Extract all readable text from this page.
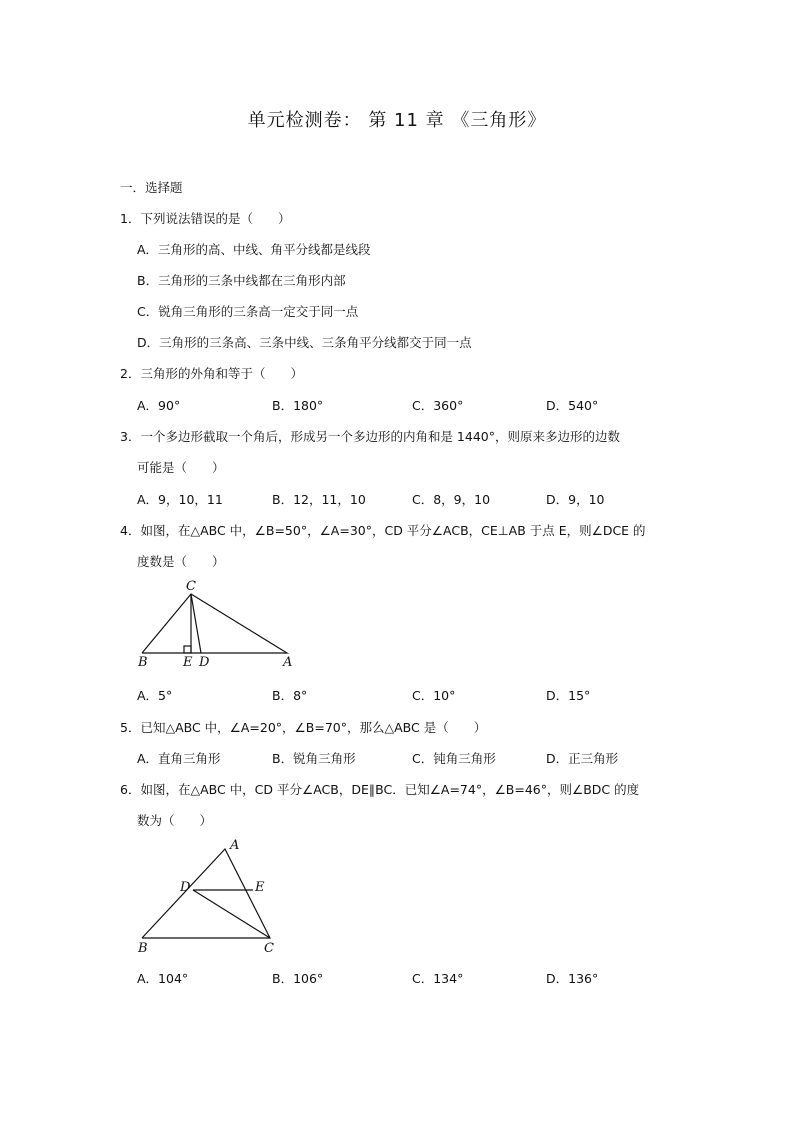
单元检测卷： 第 11 章 《三角形》
一．选择题
1．下列说法错误的是（　　）
A．三角形的高、中线、角平分线都是线段
B．三角形的三条中线都在三角形内部
C．锐角三角形的三条高一定交于同一点
D．三角形的三条高、三条中线、三条角平分线都交于同一点
2．三角形的外角和等于（　　）
A．90°	B．180°	C．360°	D．540°
3．一个多边形截取一个角后，形成另一个多边形的内角和是 1440°，则原来多边形的边数
可能是（　　）
A．9，10，11	B．12，11，10	C．8，9，10	D．9，10
4．如图，在△ABC 中，∠B=50°，∠A=30°，CD 平分∠ACB，CE⊥AB 于点 E，则∠DCE 的
度数是（　　）
C
B	E D	A
A．5°	B．8°	C．10°	D．15°
5．已知△ABC 中，∠A=20°，∠B=70°，那么△ABC 是（　　）
A．直角三角形	B．锐角三角形	C．钝角三角形	D．正三角形
6．如图，在△ABC 中，CD 平分∠ACB，DE∥BC．已知∠A=74°，∠B=46°，则∠BDC 的度
数为（　　）
A
D	E
B	C
A．104°	B．106°	C．134°	D．136°
